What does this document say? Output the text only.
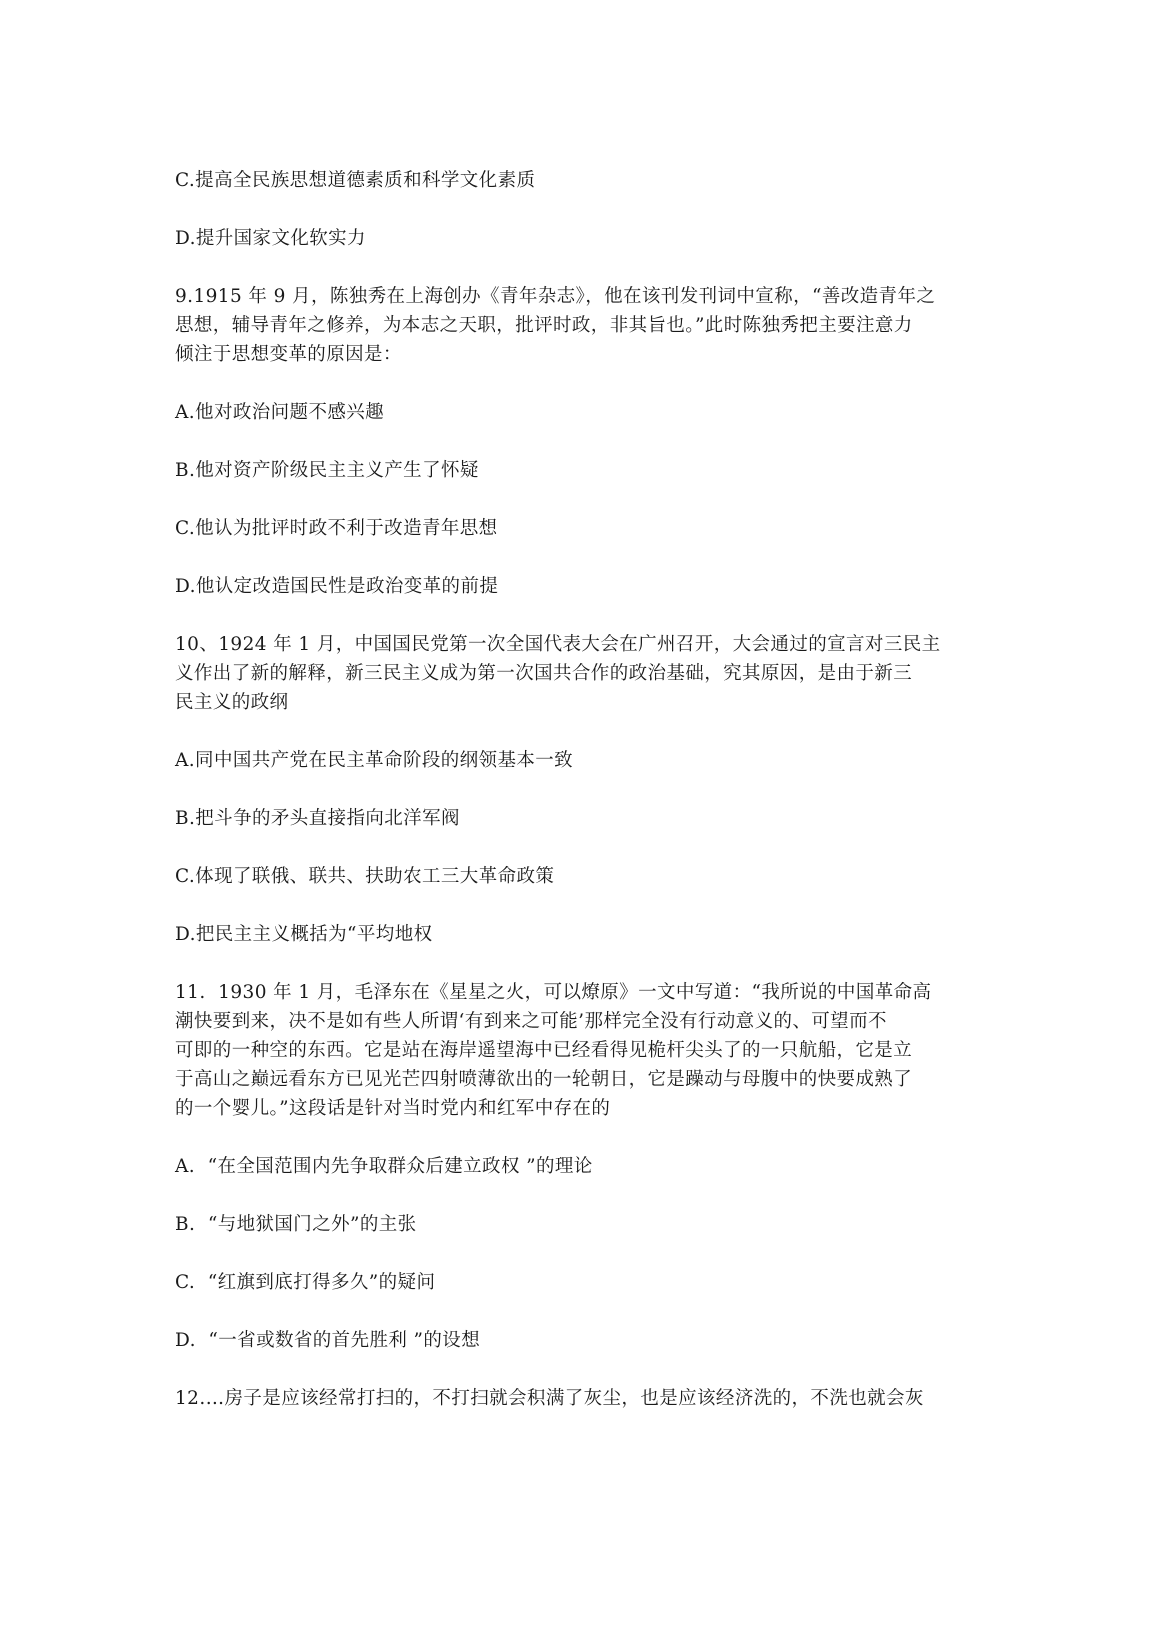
C.提高全民族思想道德素质和科学文化素质
D.提升国家文化软实力
9.1915 年 9 月，陈独秀在上海创办《青年杂志》，他在该刊发刊词中宣称，“善改造青年之
思想，辅导青年之修养，为本志之天职，批评时政，非其旨也。”此时陈独秀把主要注意力
倾注于思想变革的原因是：
A.他对政治问题不感兴趣
B.他对资产阶级民主主义产生了怀疑
C.他认为批评时政不利于改造青年思想
D.他认定改造国民性是政治变革的前提
10、1924 年 1 月，中国国民党第一次全国代表大会在广州召开，大会通过的宣言对三民主
义作出了新的解释，新三民主义成为第一次国共合作的政治基础，究其原因，是由于新三
民主义的政纲
A.同中国共产党在民主革命阶段的纲领基本一致
B.把斗争的矛头直接指向北洋军阀
C.体现了联俄、联共、扶助农工三大革命政策
D.把民主主义概括为“平均地权
11.  1930 年 1 月，毛泽东在《星星之火，可以燎原》一文中写道：“我所说的中国革命高
潮快要到来，决不是如有些人所谓‘有到来之可能’那样完全没有行动意义的、可望而不
可即的一种空的东西。它是站在海岸遥望海中已经看得见桅杆尖头了的一只航船，它是立
于高山之巅远看东方已见光芒四射喷薄欲出的一轮朝日，它是躁动与母腹中的快要成熟了
的一个婴儿。”这段话是针对当时党内和红军中存在的
A.  “在全国范围内先争取群众后建立政权 ”的理论
B.  “与地狱国门之外”的主张
C.  “红旗到底打得多久”的疑问
D.  “一省或数省的首先胜利 ”的设想
12.…房子是应该经常打扫的，不打扫就会积满了灰尘，也是应该经济洗的，不洗也就会灰
